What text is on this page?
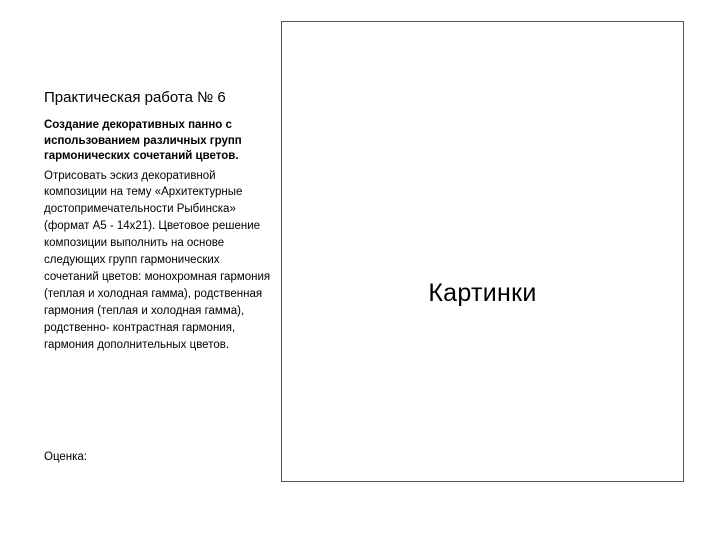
Практическая работа № 6
Создание декоративных панно с использованием различных групп гармонических сочетаний цветов.
Отрисовать эскиз декоративной композиции на тему «Архитектурные достопримечательности Рыбинска» (формат А5 - 14х21). Цветовое решение композиции выполнить на основе следующих групп гармонических сочетаний цветов: монохромная гармония (теплая и холодная гамма), родственная гармония (теплая и холодная гамма), родственно- контрастная гармония, гармония дополнительных цветов.
Оценка:
Картинки
